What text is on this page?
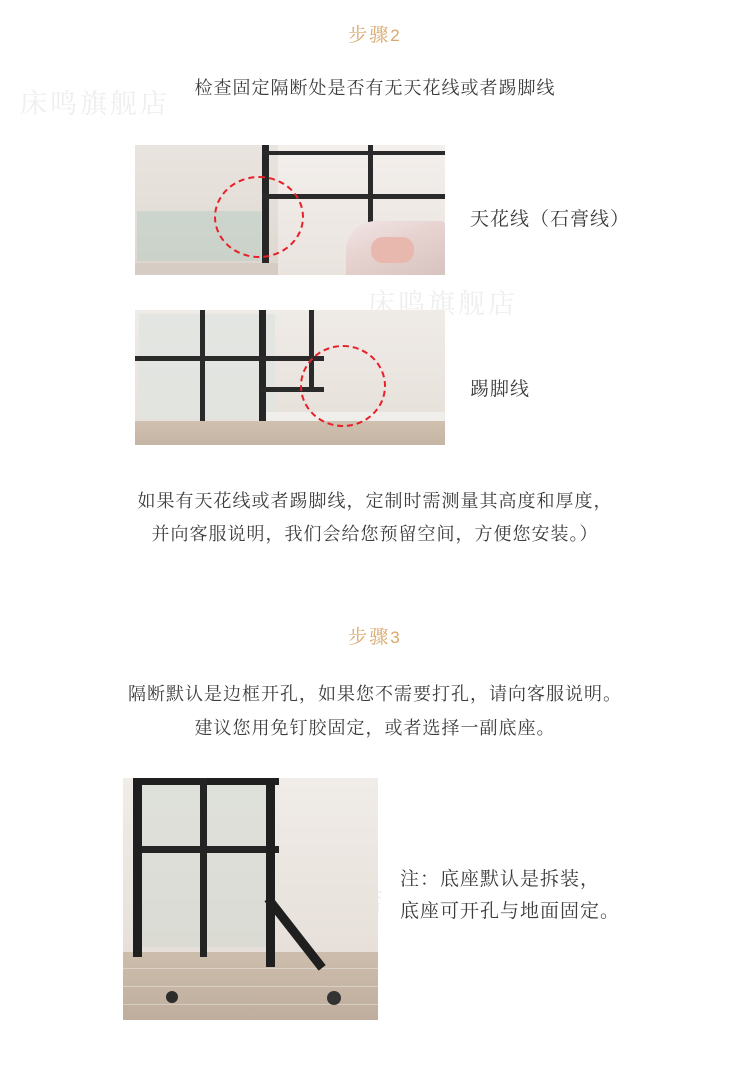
床鸣旗舰店
床鸣旗舰店
步骤2
检查固定隔断处是否有无天花线或者踢脚线
天花线（石膏线）
踢脚线
如果有天花线或者踢脚线，定制时需测量其高度和厚度，
并向客服说明，我们会给您预留空间，方便您安装。）
步骤3
隔断默认是边框开孔，如果您不需要打孔，请向客服说明。
建议您用免钉胶固定，或者选择一副底座。
注：底座默认是拆装，
底座可开孔与地面固定。
